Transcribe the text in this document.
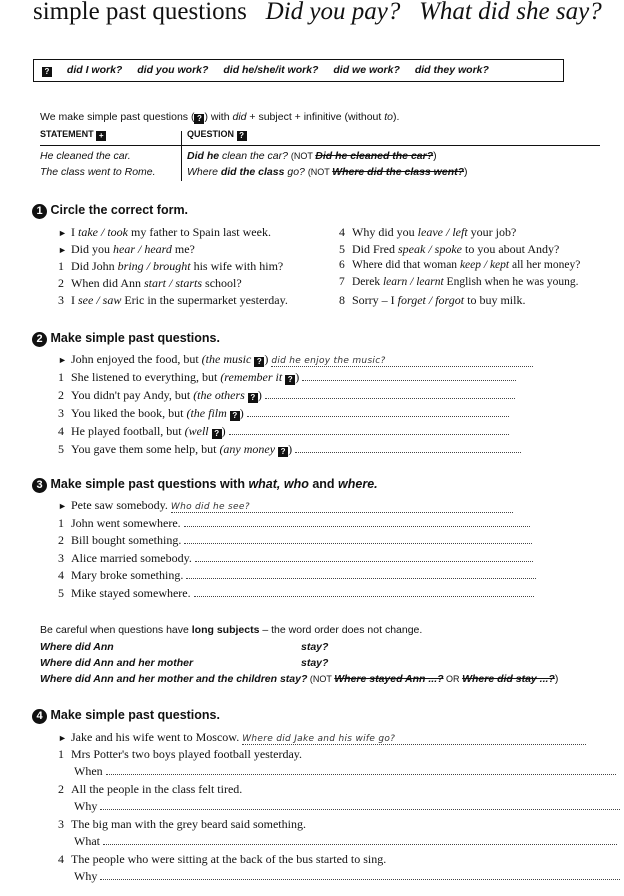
simple past questions Did you pay? What did she say?
? did I work? did you work? did he/she/it work? did we work? did they work?
We make simple past questions ( ? ) with did + subject + infinitive (without to).
STATEMENT +	QUESTION ?
He cleaned the car.	Did he clean the car? (NOT Did he cleaned the car?)
The class went to Rome.	Where did the class go? (NOT Where did the class went?)
1 Circle the correct form.
► I take / took my father to Spain last week.
► Did you hear / heard me?
1 Did John bring / brought his wife with him?
2 When did Ann start / starts school?
3 I see / saw Eric in the supermarket yesterday.
4 Why did you leave / left your job?
5 Did Fred speak / spoke to you about Andy?
6 Where did that woman keep / kept all her money?
7 Derek learn / learnt English when he was young.
8 Sorry – I forget / forgot to buy milk.
2 Make simple past questions.
► John enjoyed the food, but (the music ? ) did he enjoy the music?
1 She listened to everything, but (remember it ? )
2 You didn't pay Andy, but (the others ? )
3 You liked the book, but (the film ? )
4 He played football, but (well ? )
5 You gave them some help, but (any money ? )
3 Make simple past questions with what, who and where.
► Pete saw somebody. Who did he see?
1 John went somewhere.
2 Bill bought something.
3 Alice married somebody.
4 Mary broke something.
5 Mike stayed somewhere.
Be careful when questions have long subjects – the word order does not change.
Where did Ann	stay?
Where did Ann and her mother	stay?
Where did Ann and her mother and the children stay? (NOT Where stayed Ann ...? OR Where did stay ...?)
4 Make simple past questions.
► Jake and his wife went to Moscow. Where did Jake and his wife go?
1 Mrs Potter's two boys played football yesterday.
When
2 All the people in the class felt tired.
Why
3 The big man with the grey beard said something.
What
4 The people who were sitting at the back of the bus started to sing.
Why
